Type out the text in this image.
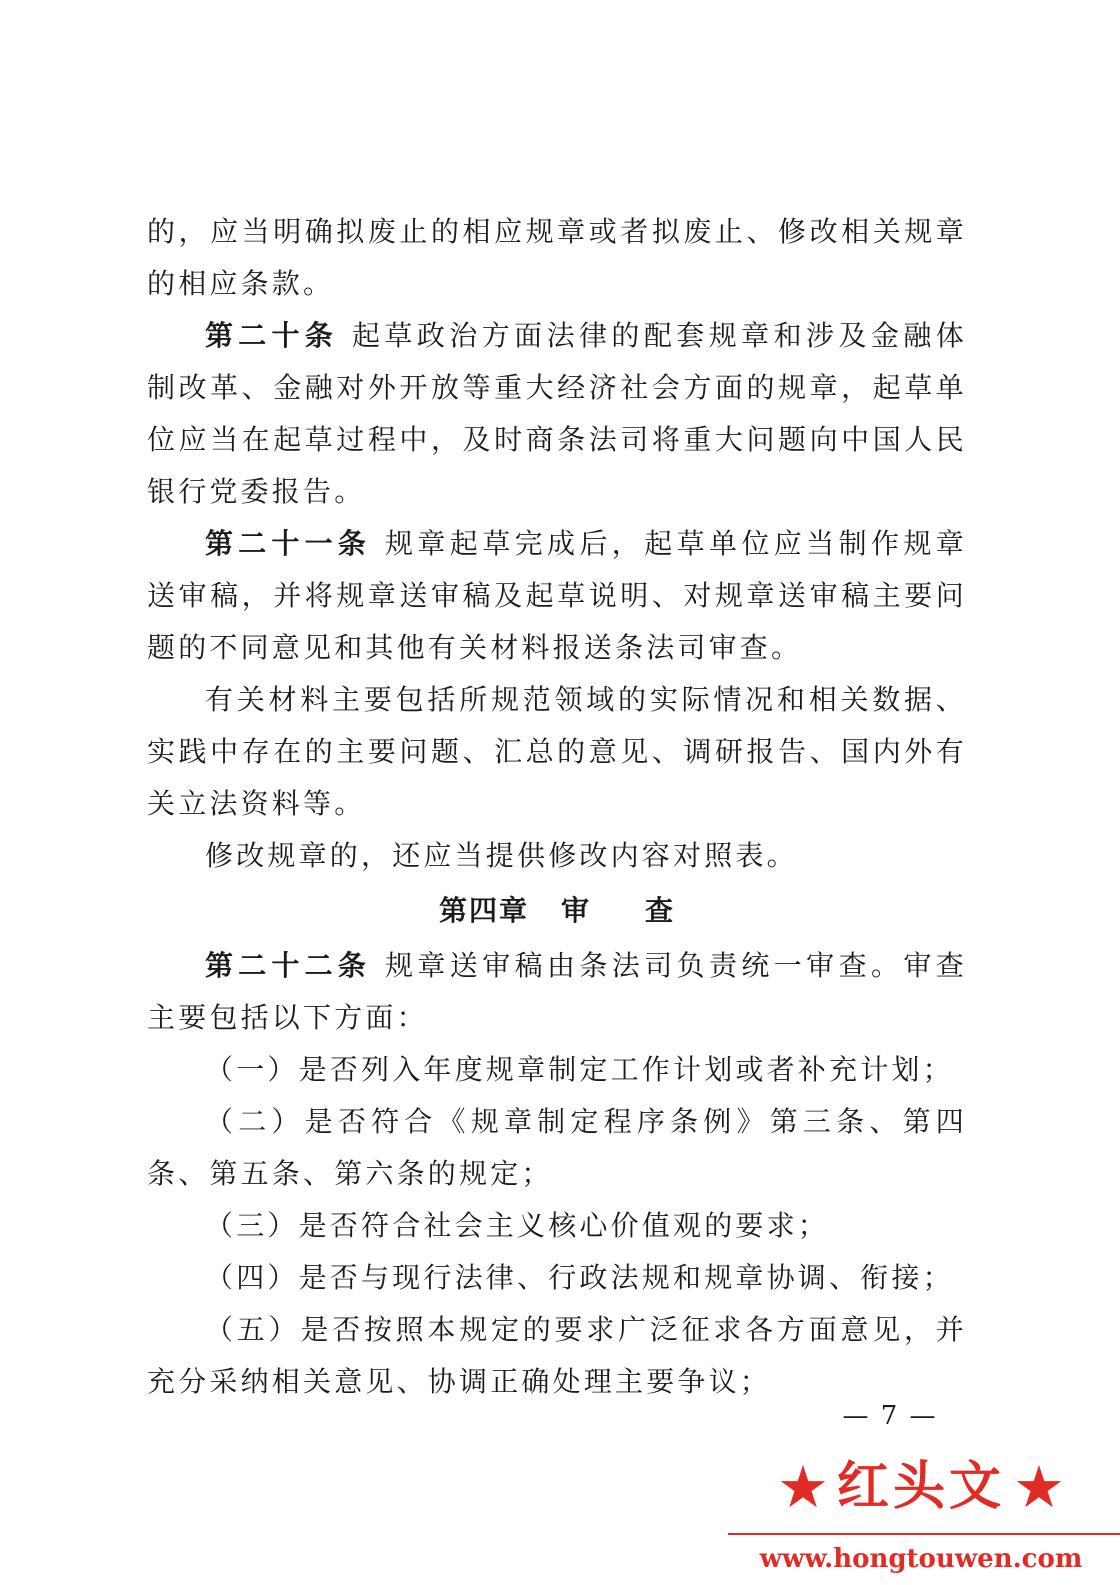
的，应当明确拟废止的相应规章或者拟废止、修改相关规章的相应条款。

第二十条 起草政治方面法律的配套规章和涉及金融体制改革、金融对外开放等重大经济社会方面的规章，起草单位应当在起草过程中，及时商条法司将重大问题向中国人民银行党委报告。

第二十一条 规章起草完成后，起草单位应当制作规章送审稿，并将规章送审稿及起草说明、对规章送审稿主要问题的不同意见和其他有关材料报送条法司审查。

有关材料主要包括所规范领域的实际情况和相关数据、实践中存在的主要问题、汇总的意见、调研报告、国内外有关立法资料等。

修改规章的，还应当提供修改内容对照表。

第四章 审 查

第二十二条 规章送审稿由条法司负责统一审查。审查主要包括以下方面：

（一）是否列入年度规章制定工作计划或者补充计划；

（二）是否符合《规章制定程序条例》第三条、第四条、第五条、第六条的规定；

（三）是否符合社会主义核心价值观的要求；

（四）是否与现行法律、行政法规和规章协调、衔接；

（五）是否按照本规定的要求广泛征求各方面意见，并充分采纳相关意见、协调正确处理主要争议；

— 7 —
★ 红头文 ★
www.hongtouwen.com
